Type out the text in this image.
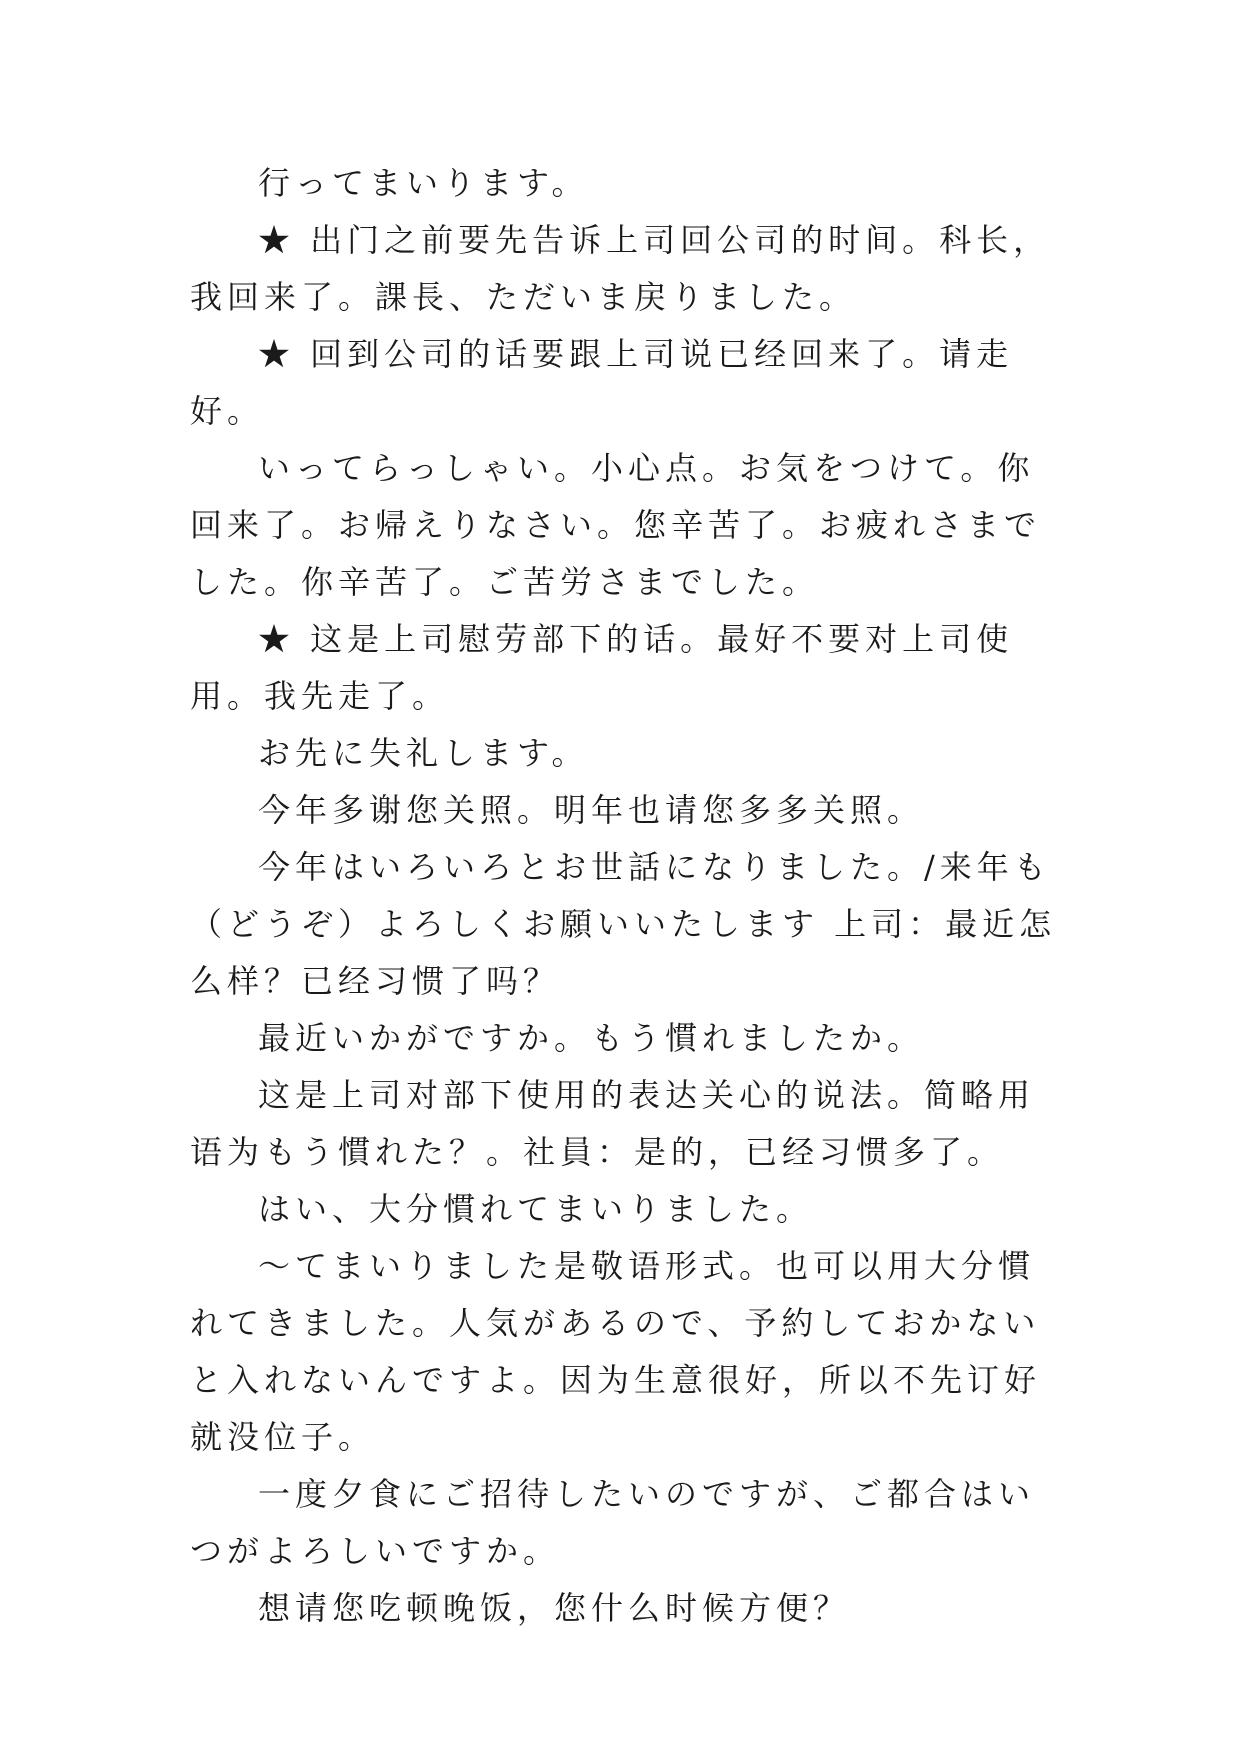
行ってまいります。

★ 出门之前要先告诉上司回公司的时间。科长，我回来了。課長、ただいま戻りました。

★ 回到公司的话要跟上司说已经回来了。请走好。

いってらっしゃい。小心点。お気をつけて。你回来了。お帰えりなさい。您辛苦了。お疲れさまでした。你辛苦了。ご苦労さまでした。

★ 这是上司慰劳部下的话。最好不要对上司使用。我先走了。

お先に失礼します。

今年多谢您关照。明年也请您多多关照。

今年はいろいろとお世話になりました。/来年も（どうぞ）よろしくお願いいたします 上司：最近怎么样？已经习惯了吗？

最近いかがですか。もう慣れましたか。

这是上司对部下使用的表达关心的说法。简略用语为もう慣れた？。社員：是的，已经习惯多了。

はい、大分慣れてまいりました。

～てまいりました是敬语形式。也可以用大分慣れてきました。人気があるので、予約しておかないと入れないんですよ。因为生意很好，所以不先订好就没位子。

一度夕食にご招待したいのですが、ご都合はいつがよろしいですか。

想请您吃顿晚饭，您什么时候方便？
